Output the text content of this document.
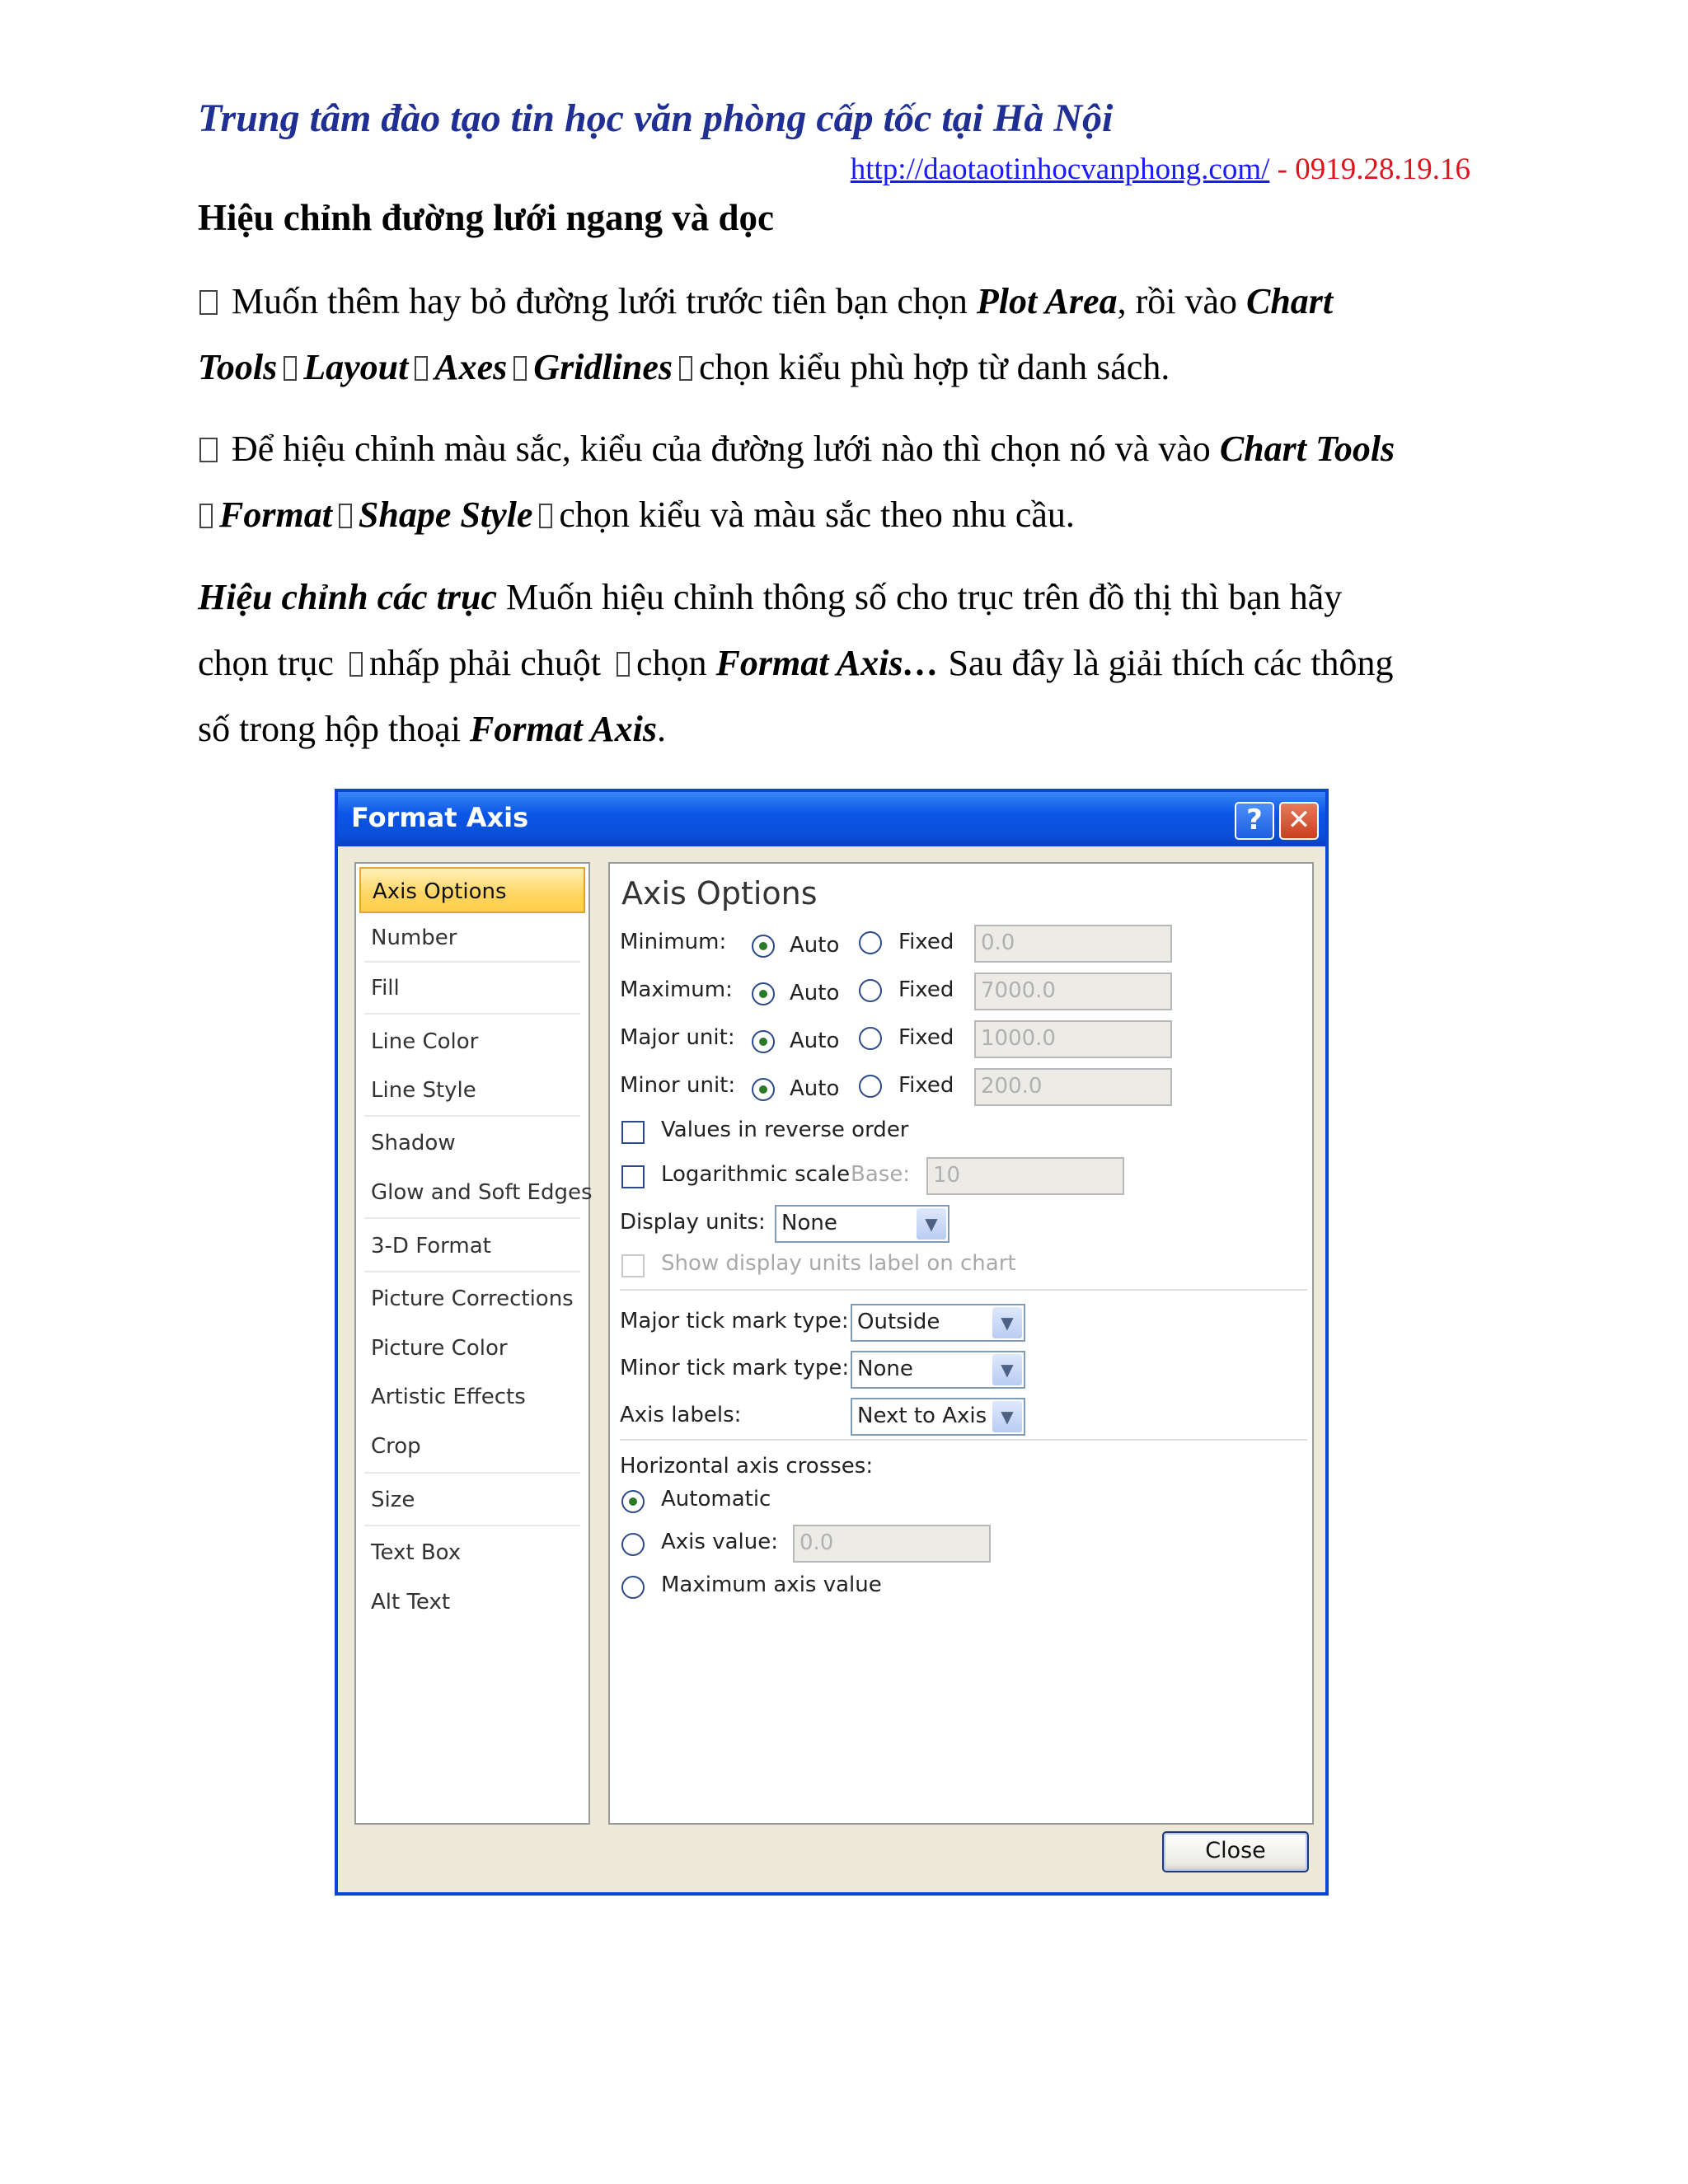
Trung tâm đào tạo tin học văn phòng cấp tốc tại Hà Nội
http://daotaotinhocvanphong.com/ - 0919.28.19.16
Hiệu chỉnh đường lưới ngang và dọc
Muốn thêm hay bỏ đường lưới trước tiên bạn chọn Plot Area, rồi vào Chart
Tools Layout Axes Gridlines chọn kiểu phù hợp từ danh sách.
Để hiệu chỉnh màu sắc, kiểu của đường lưới nào thì chọn nó và vào Chart Tools
Format Shape Style chọn kiểu và màu sắc theo nhu cầu.
Hiệu chỉnh các trục Muốn hiệu chỉnh thông số cho trục trên đồ thị thì bạn hãy
chọn trục nhấp phải chuột chọn Format Axis… Sau đây là giải thích các thông
số trong hộp thoại Format Axis.
Format Axis	? ✕
Axis Options
Number
Fill
Line Color
Line Style
Shadow
Glow and Soft Edges
3-D Format
Picture Corrections
Picture Color
Artistic Effects
Crop
Size
Text Box
Alt Text
Axis Options
Minimum:	Auto	Fixed	0.0
Maximum:	Auto	Fixed	7000.0
Major unit:	Auto	Fixed	1000.0
Minor unit:	Auto	Fixed	200.0
Values in reverse order
Logarithmic scale Base:	10
Display units: None	▼
Show display units label on chart
Major tick mark type: Outside	▼
Minor tick mark type: None	▼
Axis labels:	Next to Axis ▼
Horizontal axis crosses:
Automatic
Axis value:	0.0
Maximum axis value
Close
